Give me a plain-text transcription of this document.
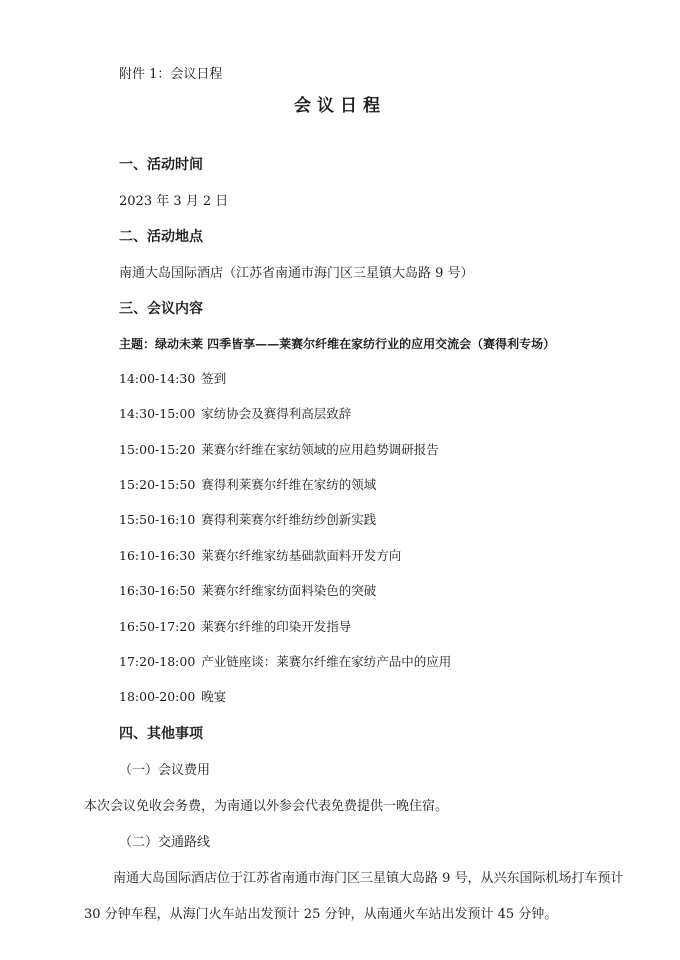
附件 1：会议日程
会议日程
一、活动时间
2023 年 3 月 2 日
二、活动地点
南通大岛国际酒店（江苏省南通市海门区三星镇大岛路 9 号）
三、会议内容
主题：绿动未莱 四季皆享——莱赛尔纤维在家纺行业的应用交流会（赛得利专场）
14:00-14:30 签到
14:30-15:00 家纺协会及赛得利高层致辞
15:00-15:20 莱赛尔纤维在家纺领域的应用趋势调研报告
15:20-15:50 赛得利莱赛尔纤维在家纺的领域
15:50-16:10 赛得利莱赛尔纤维纺纱创新实践
16:10-16:30 莱赛尔纤维家纺基础款面料开发方向
16:30-16:50 莱赛尔纤维家纺面料染色的突破
16:50-17:20 莱赛尔纤维的印染开发指导
17:20-18:00 产业链座谈：莱赛尔纤维在家纺产品中的应用
18:00-20:00 晚宴
四、其他事项
（一）会议费用
本次会议免收会务费，为南通以外参会代表免费提供一晚住宿。
（二）交通路线
南通大岛国际酒店位于江苏省南通市海门区三星镇大岛路 9 号，从兴东国际机场打车预计
30 分钟车程，从海门火车站出发预计 25 分钟，从南通火车站出发预计 45 分钟。
